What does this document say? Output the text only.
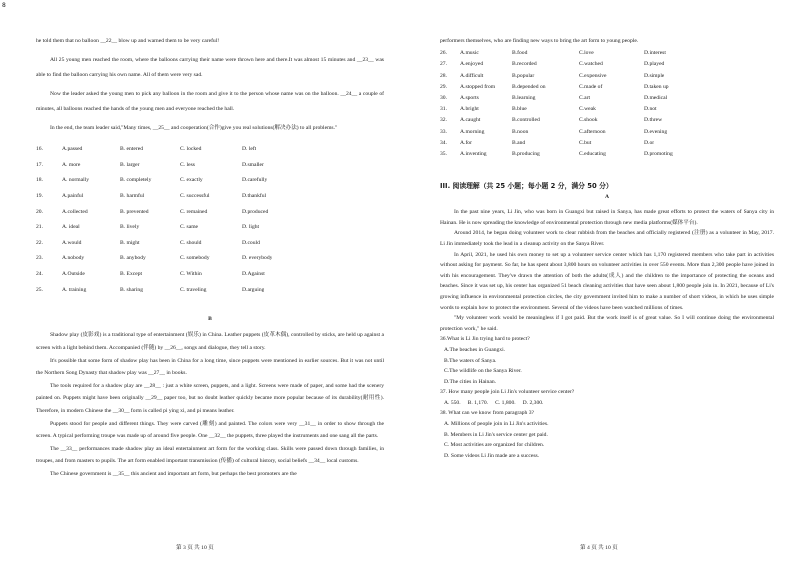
8

he told them that no balloon __22__ blow up and warned them to be very careful!

All 25 young men reached the room, where the balloons carrying their name were thrown here and there.It was almost 15 minutes and __23__ was able to find the balloon carrying his own name. All of them were very sad.

Now the leader asked the young men to pick any balloon in the room and give it to the person whose name was on the balloon. __24__ a couple of minutes, all balloons reached the hands of the young men and everyone reached the hall.

In the end, the team leader said,"Many times, __25__ and cooperation(合作)give you real solutions(解决办法) to all problems."

16.	A.passed	B. entered	C. locked	D. left
17.	A. more	B. larger	C. less	D.smaller
18.	A. normally	B. completely	C. exactly	D.carefully
19.	A.painful	B. harmful	C. successful	D.thankful
20.	A.collected	B. prevented	C. remained	D.produced
21.	A. ideal	B. lively	C. same	D. light
22.	A.would	B. might	C. should	D.could
23.	A.nobody	B. anybody	C. somebody	D. everybody
24.	A.Outside	B. Except	C. Within	D.Against
25.	A. training	B. sharing	C. traveling	D.arguing

B

Shadow play (皮影戏) is a traditional type of entertainment (娱乐) in China. Leather puppets (皮革木偶), controlled by sticks, are held up against a screen with a light behind them. Accompanied (伴随) by __26__, songs and dialogue, they tell a story.

It's possible that some form of shadow play has been in China for a long time, since puppets were mentioned in earlier sources. But it was not until the Northern Song Dynasty that shadow play was __27__ in books.

The tools required for a shadow play are __28__ : just a white screen, puppets, and a light. Screens were made of paper, and some had the scenery painted on. Puppets might have been originally __29__ paper too, but no doubt leather quickly became more popular because of its durability(耐用性). Therefore, in modern Chinese the __30__ form is called pi ying xi, and pi means leather.

Puppets stood for people and different things. They were carved (雕刻) and painted. The colors were very __31__ in order to show through the screen. A typical performing troupe was made up of around five people. One __32__ the puppets, three played the instruments and one sang all the parts.

The __33__ performances made shadow play an ideal entertainment art form for the working class. Skills were passed down through families, in troupes, and from masters to pupils. The art form enabled important transmission (传播) of cultural history, social beliefs __34__ local customs.

The Chinese government is __35__ this ancient and important art form, but perhaps the best promoters are the

第 3 页 共 10 页

performers themselves, who are finding new ways to bring the art form to young people.

26.	A.music	B.food	C.love	D.interest
27.	A.enjoyed	B.recorded	C.watched	D.played
28.	A.difficult	B.popular	C.expensive	D.simple
29.	A.stopped from	B.depended on	C.made of	D.taken up
30.	A.sports	B.learning	C.art	D.medical
31.	A.bright	B.blue	C.weak	D.not
32.	A.caught	B.controlled	C.shook	D.threw
33.	A.morning	B.noon	C.afternoon	D.evening
34.	A.for	B.and	C.but	D.or
35.	A.inventing	B.producing	C.educating	D.promoting
III. 阅读理解（共 25 小题；每小题 2 分，满分 50 分）

A

In the past nine years, Li Jin, who was born in Guangxi but raised in Sanya, has made great efforts to protect the waters of Sanya city in Hainan. He is now spreading the knowledge of environmental protection through new media platforms(媒体平台).

Around 2014, he began doing volunteer work to clear rubbish from the beaches and officially registered (注册) as a volunteer in May, 2017. Li Jin immediately took the lead in a cleanup activity on the Sanya River.

In April, 2021, he used his own money to set up a volunteer service center which has 1,170 registered members who take part in activities without asking for payment. So far, he has spent about 3,800 hours on volunteer activities in over 550 events. More than 2,300 people have joined in with his encouragement. They've drawn the attention of both the adults(成人) and the children to the importance of protecting the oceans and beaches. Since it was set up, his center has organized 51 beach cleaning activities that have seen about 1,800 people join in. In 2021, because of Li's growing influence in environmental protection circles, the city government invited him to make a number of short videos, in which he uses simple words to explain how to protect the environment. Several of the videos have been watched millions of times.

"My volunteer work would be meaningless if I got paid. But the work itself is of great value. So I will continue doing the environmental protection work," he said.

36.What is Li Jin trying hard to protect?

A.The beaches in Guangxi.

B.The waters of Sanya.

C.The wildlife on the Sanya River.

D.The cities in Hainan.

37. How many people join Li Jin's volunteer service center?

A. 550.     B. 1,170.     C. 1,800.     D. 2,300.

38. What can we know from paragraph 3?

A. Millions of people join in Li Jin's activities.

B. Members in Li Jin's service center get paid.

C. Most activities are organized for children.

D. Some videos Li Jin made are a success.

第 4 页 共 10 页
